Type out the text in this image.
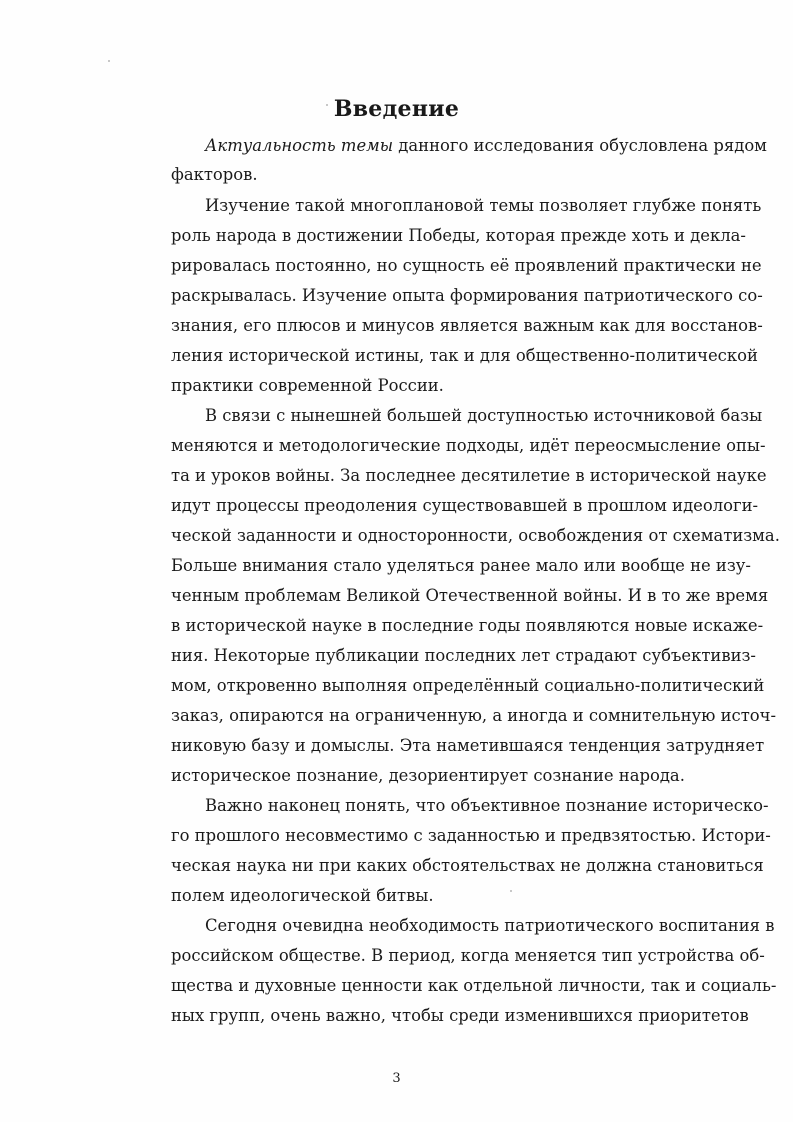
Введение
Актуальность темы данного исследования обусловлена рядом
факторов.
Изучение такой многоплановой темы позволяет глубже понять
роль народа в достижении Победы, которая прежде хоть и декла-
рировалась постоянно, но сущность её проявлений практически не
раскрывалась. Изучение опыта формирования патриотического со-
знания, его плюсов и минусов является важным как для восстанов-
ления исторической истины, так и для общественно-политической
практики современной России.
В связи с нынешней большей доступностью источниковой базы
меняются и методологические подходы, идёт переосмысление опы-
та и уроков войны. За последнее десятилетие в исторической науке
идут процессы преодоления существовавшей в прошлом идеологи-
ческой заданности и односторонности, освобождения от схематизма.
Больше внимания стало уделяться ранее мало или вообще не изу-
ченным проблемам Великой Отечественной войны. И в то же время
в исторической науке в последние годы появляются новые искаже-
ния. Некоторые публикации последних лет страдают субъективиз-
мом, откровенно выполняя определённый социально-политический
заказ, опираются на ограниченную, а иногда и сомнительную источ-
никовую базу и домыслы. Эта наметившаяся тенденция затрудняет
историческое познание, дезориентирует сознание народа.
Важно наконец понять, что объективное познание историческо-
го прошлого несовместимо с заданностью и предвзятостью. Истори-
ческая наука ни при каких обстоятельствах не должна становиться
полем идеологической битвы.
Сегодня очевидна необходимость патриотического воспитания в
российском обществе. В период, когда меняется тип устройства об-
щества и духовные ценности как отдельной личности, так и социаль-
ных групп, очень важно, чтобы среди изменившихся приоритетов
3
